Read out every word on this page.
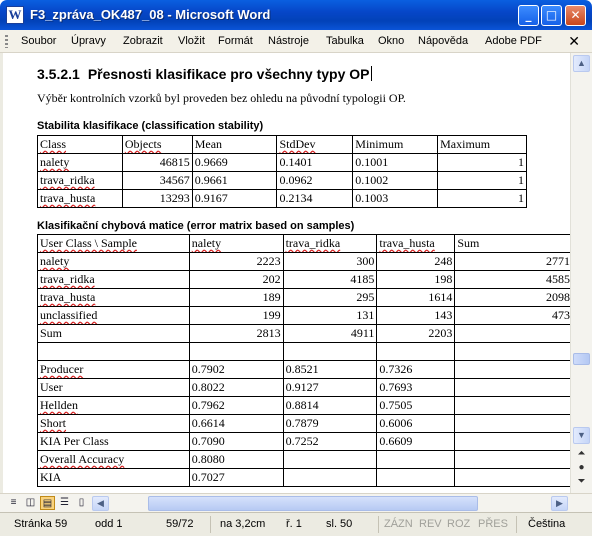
W F3_zpráva_OK487_08 - Microsoft Word	_	□	✕
Soubor Úpravy Zobrazit Vložit Formát Nástroje Tabulka Okno Nápověda Adobe PDF ✕
3.5.2.1 Přesnosti klasifikace pro všechny typy OP
Výběr kontrolních vzorků byl proveden bez ohledu na původní typologii OP.
Stabilita klasifikace (classification stability)
Class	Objects	Mean	StdDev	Minimum	Maximum
nalety	46815	0.9669	0.1401	0.1001	1
trava_ridka	34567	0.9661	0.0962	0.1002	1
trava_husta	13293	0.9167	0.2134	0.1003	1
Klasifikační chybová matice (error matrix based on samples)
User Class \ Sample	nalety	trava_ridka	trava_husta	Sum
nalety	2223	300	248	2771
trava_ridka	202	4185	198	4585
trava_husta	189	295	1614	2098
unclassified	199	131	143	473
Sum	2813	4911	2203	

Producer	0.7902	0.8521	0.7326	
User	0.8022	0.9127	0.7693	
Hellden	0.7962	0.8814	0.7505	
Short	0.6614	0.7879	0.6006	
KIA Per Class	0.7090	0.7252	0.6609	
Overall Accuracy	0.8080			
KIA	0.7027			
▲
▼
⏶
●
⏷
≡ ◫ ▤ ☰ ▯	◀	▶
Stránka 59	odd 1	59/72 na 3,2cm ř. 1 sl. 50	ZÁZN REV ROZ PŘES Čeština
